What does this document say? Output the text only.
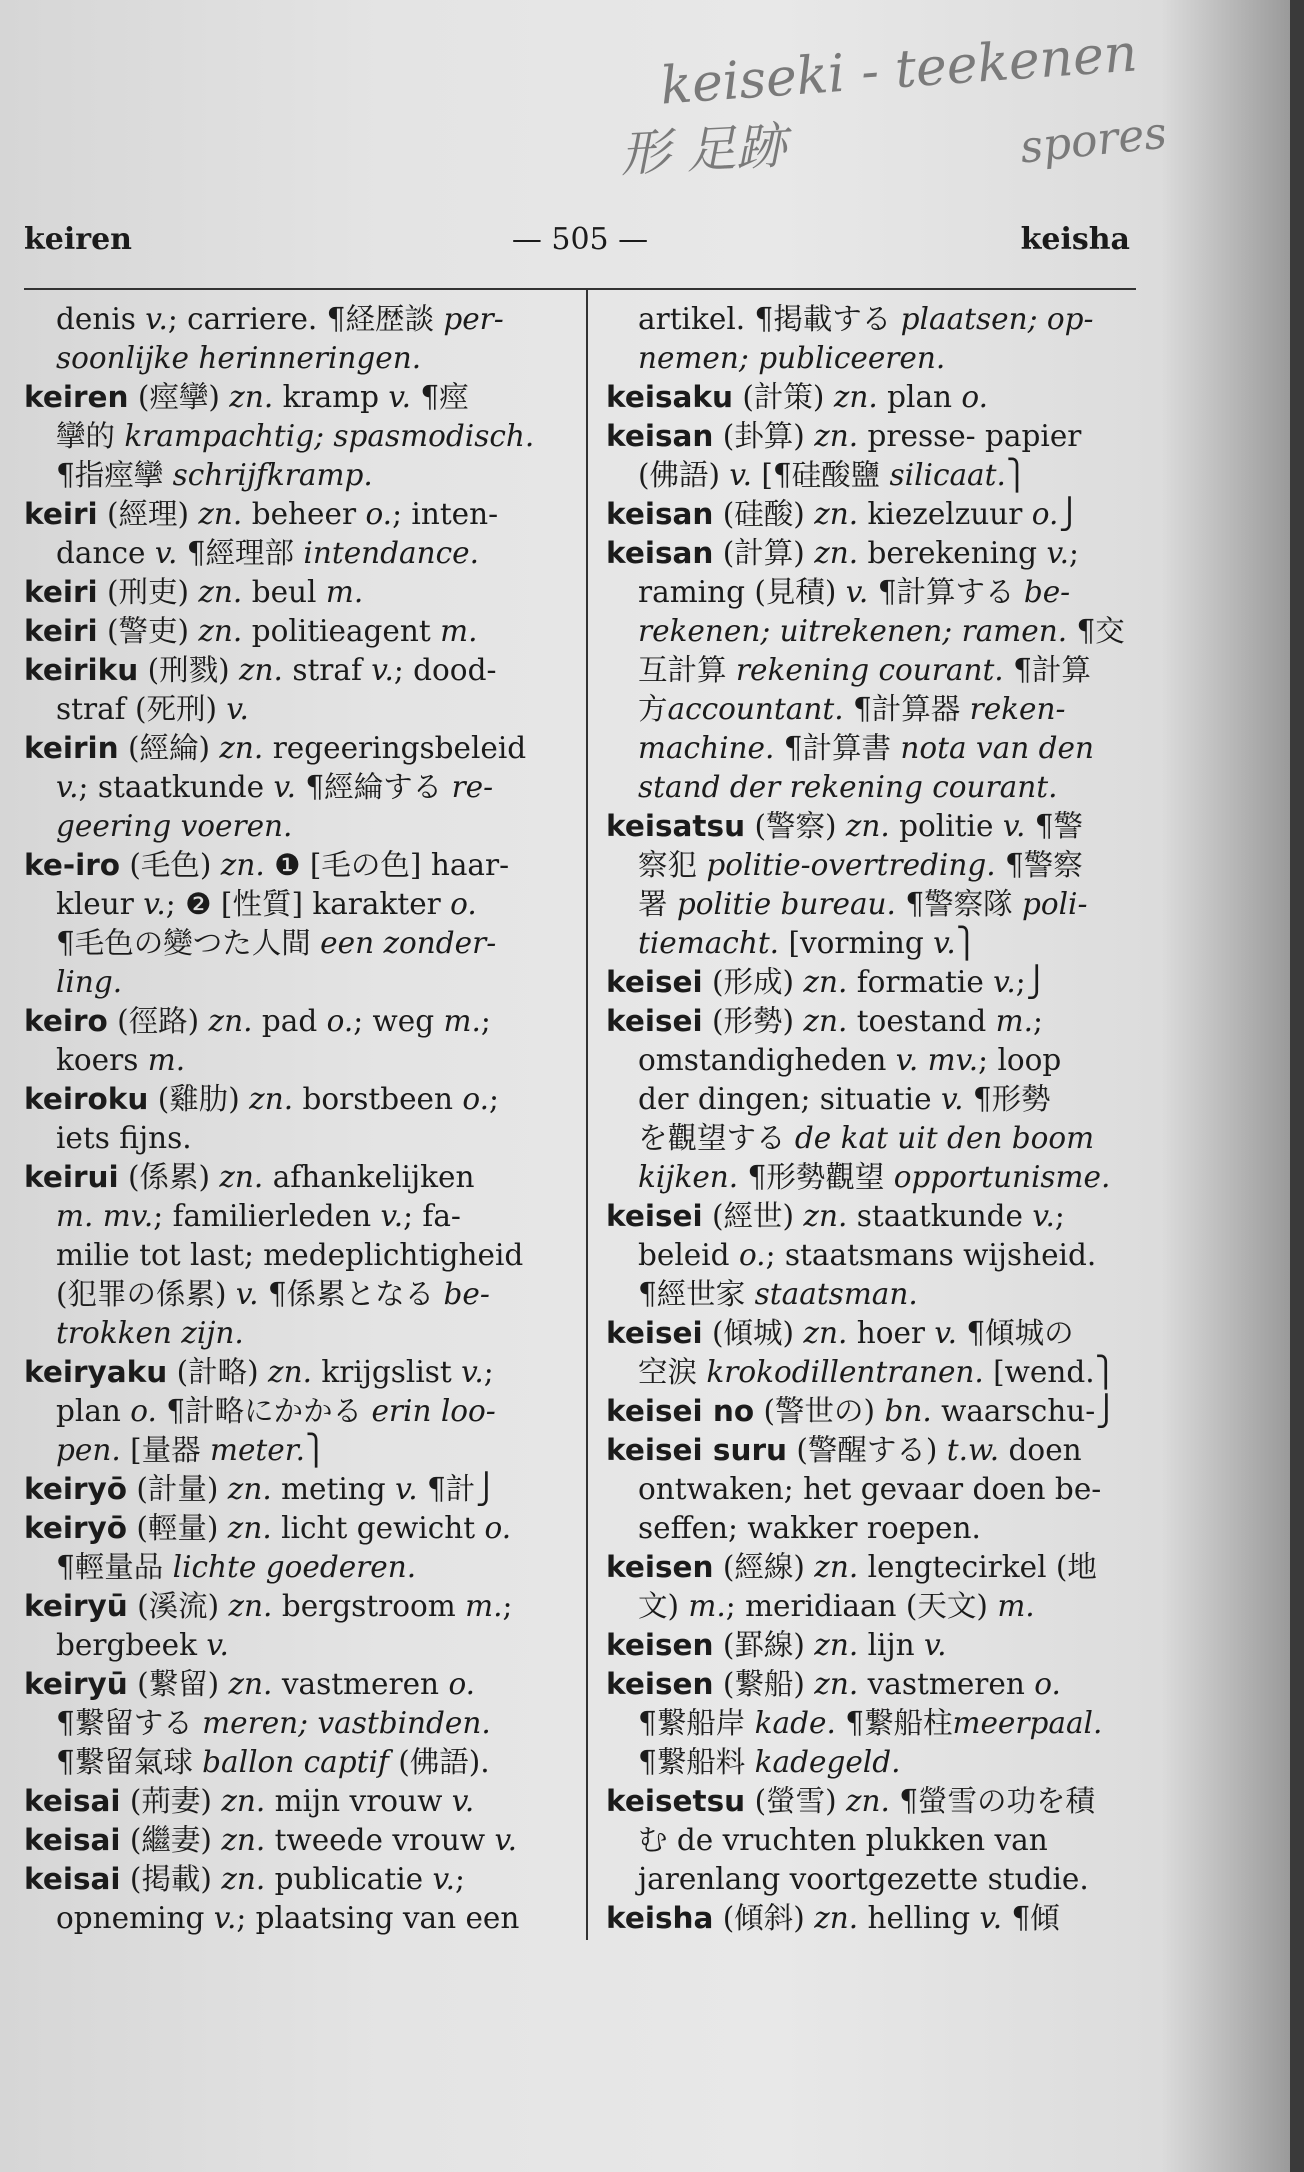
keiseki - teekenen
形 足跡	spores
keiren	— 505 —	keisha
denis v.; carriere. ¶経歴談 per-
soonlijke herinneringen.
keiren (痙攣) zn. kramp v. ¶痙
攣的 krampachtig; spasmodisch.
¶指痙攣 schrijfkramp.
keiri (經理) zn. beheer o.; inten-
dance v. ¶經理部 intendance.
keiri (刑吏) zn. beul m.
keiri (警吏) zn. politieagent m.
keiriku (刑戮) zn. straf v.; dood-
straf (死刑) v.
keirin (經綸) zn. regeeringsbeleid
v.; staatkunde v. ¶經綸する re-
geering voeren.
ke-iro (毛色) zn. ❶ [毛の色] haar-
kleur v.; ❷ [性質] karakter o.
¶毛色の變つた人間 een zonder-
ling.
keiro (徑路) zn. pad o.; weg m.;
koers m.
keiroku (雞肋) zn. borstbeen o.;
iets fijns.
keirui (係累) zn. afhankelijken
m. mv.; familierleden v.; fa-
milie tot last; medeplichtigheid
(犯罪の係累) v. ¶係累となる be-
trokken zijn.
keiryaku (計略) zn. krijgslist v.;
plan o. ¶計略にかかる erin loo-
pen. [量器 meter.⎫
keiryō (計量) zn. meting v. ¶計⎭
keiryō (輕量) zn. licht gewicht o.
¶輕量品 lichte goederen.
keiryū (溪流) zn. bergstroom m.;
bergbeek v.
keiryū (繋留) zn. vastmeren o.
¶繋留する meren; vastbinden.
¶繋留氣球 ballon captif (佛語).
keisai (荊妻) zn. mijn vrouw v.
keisai (繼妻) zn. tweede vrouw v.
keisai (掲載) zn. publicatie v.;
opneming v.; plaatsing van een
artikel. ¶掲載する plaatsen; op-
nemen; publiceeren.
keisaku (計策) zn. plan o.
keisan (卦算) zn. presse- papier
(佛語) v. [¶硅酸鹽 silicaat.⎫
keisan (硅酸) zn. kiezelzuur o.⎭
keisan (計算) zn. berekening v.;
raming (見積) v. ¶計算する be-
rekenen; uitrekenen; ramen. ¶交
互計算 rekening courant. ¶計算
方accountant. ¶計算器 reken-
machine. ¶計算書 nota van den
stand der rekening courant.
keisatsu (警察) zn. politie v. ¶警
察犯 politie-overtreding. ¶警察
署 politie bureau. ¶警察隊 poli-
tiemacht. [vorming v.⎫
keisei (形成) zn. formatie v.;⎭
keisei (形勢) zn. toestand m.;
omstandigheden v. mv.; loop
der dingen; situatie v. ¶形勢
を觀望する de kat uit den boom
kijken. ¶形勢觀望 opportunisme.
keisei (經世) zn. staatkunde v.;
beleid o.; staatsmans wijsheid.
¶經世家 staatsman.
keisei (傾城) zn. hoer v. ¶傾城の
空涙 krokodillentranen. [wend.⎫
keisei no (警世の) bn. waarschu-⎭
keisei suru (警醒する) t.w. doen
ontwaken; het gevaar doen be-
seffen; wakker roepen.
keisen (經線) zn. lengtecirkel (地
文) m.; meridiaan (天文) m.
keisen (罫線) zn. lijn v.
keisen (繋船) zn. vastmeren o.
¶繋船岸 kade. ¶繋船柱meerpaal.
¶繋船料 kadegeld.
keisetsu (螢雪) zn. ¶螢雪の功を積
む de vruchten plukken van
jarenlang voortgezette studie.
keisha (傾斜) zn. helling v. ¶傾
